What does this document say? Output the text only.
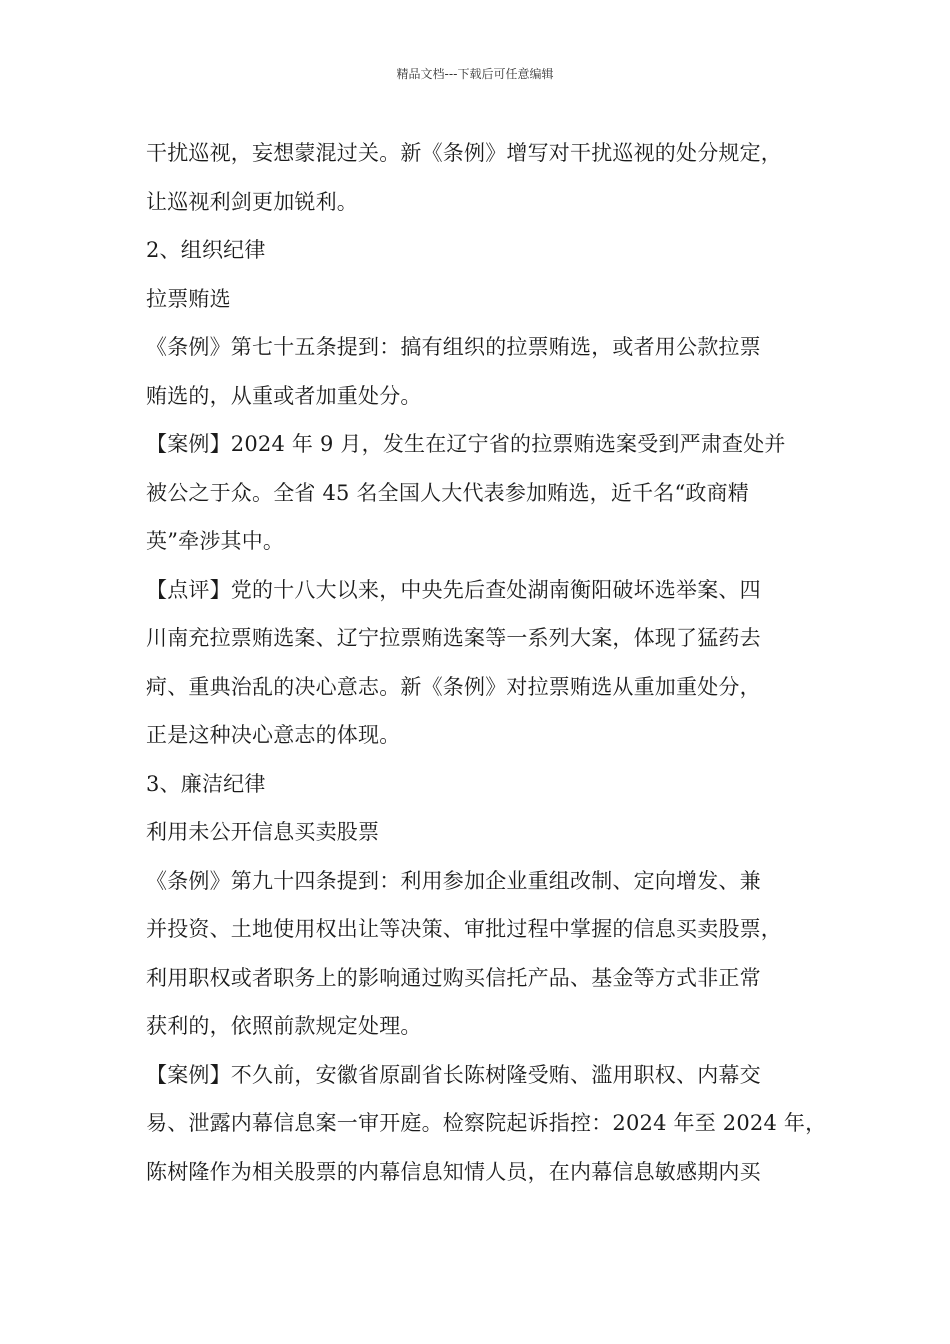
精品文档---下载后可任意编辑
干扰巡视，妄想蒙混过关。新《条例》增写对干扰巡视的处分规定，
让巡视利剑更加锐利。
2、组织纪律
拉票贿选
《条例》第七十五条提到：搞有组织的拉票贿选，或者用公款拉票
贿选的，从重或者加重处分。
【案例】2024 年 9 月，发生在辽宁省的拉票贿选案受到严肃查处并
被公之于众。全省 45 名全国人大代表参加贿选，近千名“政商精
英”牵涉其中。
【点评】党的十八大以来，中央先后查处湖南衡阳破坏选举案、四
川南充拉票贿选案、辽宁拉票贿选案等一系列大案，体现了猛药去
疴、重典治乱的决心意志。新《条例》对拉票贿选从重加重处分，
正是这种决心意志的体现。
3、廉洁纪律
利用未公开信息买卖股票
《条例》第九十四条提到：利用参加企业重组改制、定向增发、兼
并投资、土地使用权出让等决策、审批过程中掌握的信息买卖股票，
利用职权或者职务上的影响通过购买信托产品、基金等方式非正常
获利的，依照前款规定处理。
【案例】不久前，安徽省原副省长陈树隆受贿、滥用职权、内幕交
易、泄露内幕信息案一审开庭。检察院起诉指控：2024 年至 2024 年，
陈树隆作为相关股票的内幕信息知情人员，在内幕信息敏感期内买
